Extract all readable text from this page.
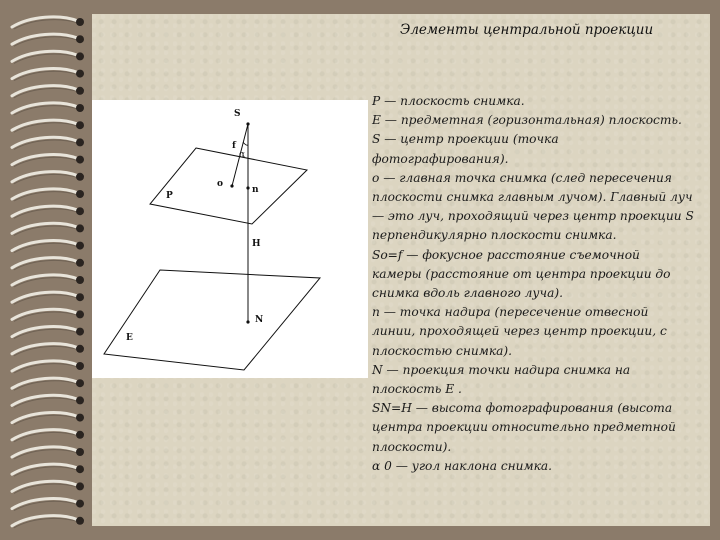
Элементы центральной проекции
S
f
α
o
n
P
H
N
E

P — плоскость снимка.

E — предметная (горизонтальная) плоскость.

S — центр проекции (точка

фотографирования).

o — главная точка снимка (след пересечения

плоскости снимка главным лучом). Главный луч

— это луч, проходящий через центр проекции S

перпендикулярно плоскости снимка.

So=f — фокусное расстояние съемочной

камеры (расстояние от центра проекции до

снимка вдоль главного луча).

n — точка надира (пересечение отвесной

линии, проходящей через центр проекции, с

плоскостью снимка).

N — проекция точки надира снимка на

плоскость E .

SN=H — высота фотографирования (высота

центра проекции относительно предметной

плоскости).

α 0 — угол наклона снимка.
